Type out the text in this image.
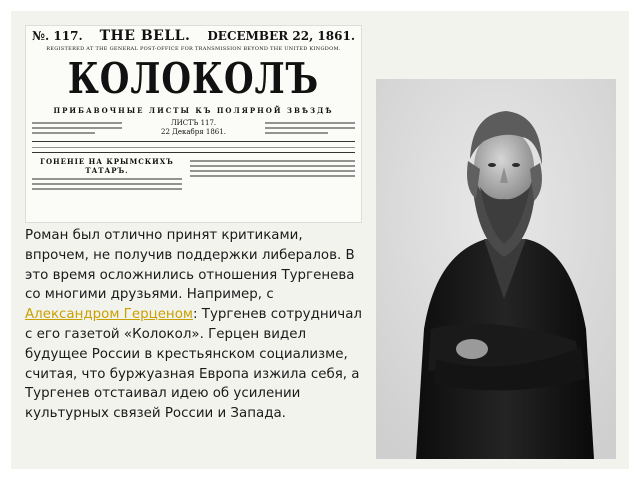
№. 117. THE BELL. DECEMBER 22, 1861.
REGISTERED AT THE GENERAL POST-OFFICE FOR TRANSMISSION BEYOND THE UNITED KINGDOM.
КОЛОКОЛЪ
ПРИБАВОЧНЫЕ ЛИСТЫ КЪ ПОЛЯРНОЙ ЗВѢЗДѢ
ЛИСТЪ 117.
22 Декабря 1861.
ГОНЕНІЕ НА КРЫМСКИХЪ ТАТАРЪ.
Роман был отлично принят критиками, впрочем, не получив поддержки либералов. В это время осложнились отношения Тургенева со многими друзьями. Например, с Александром Герценом: Тургенев сотрудничал с его газетой «Колокол». Герцен видел будущее России в крестьянском социализме, считая, что буржуазная Европа изжила себя, а Тургенев отстаивал идею об усилении культурных связей России и Запада.
